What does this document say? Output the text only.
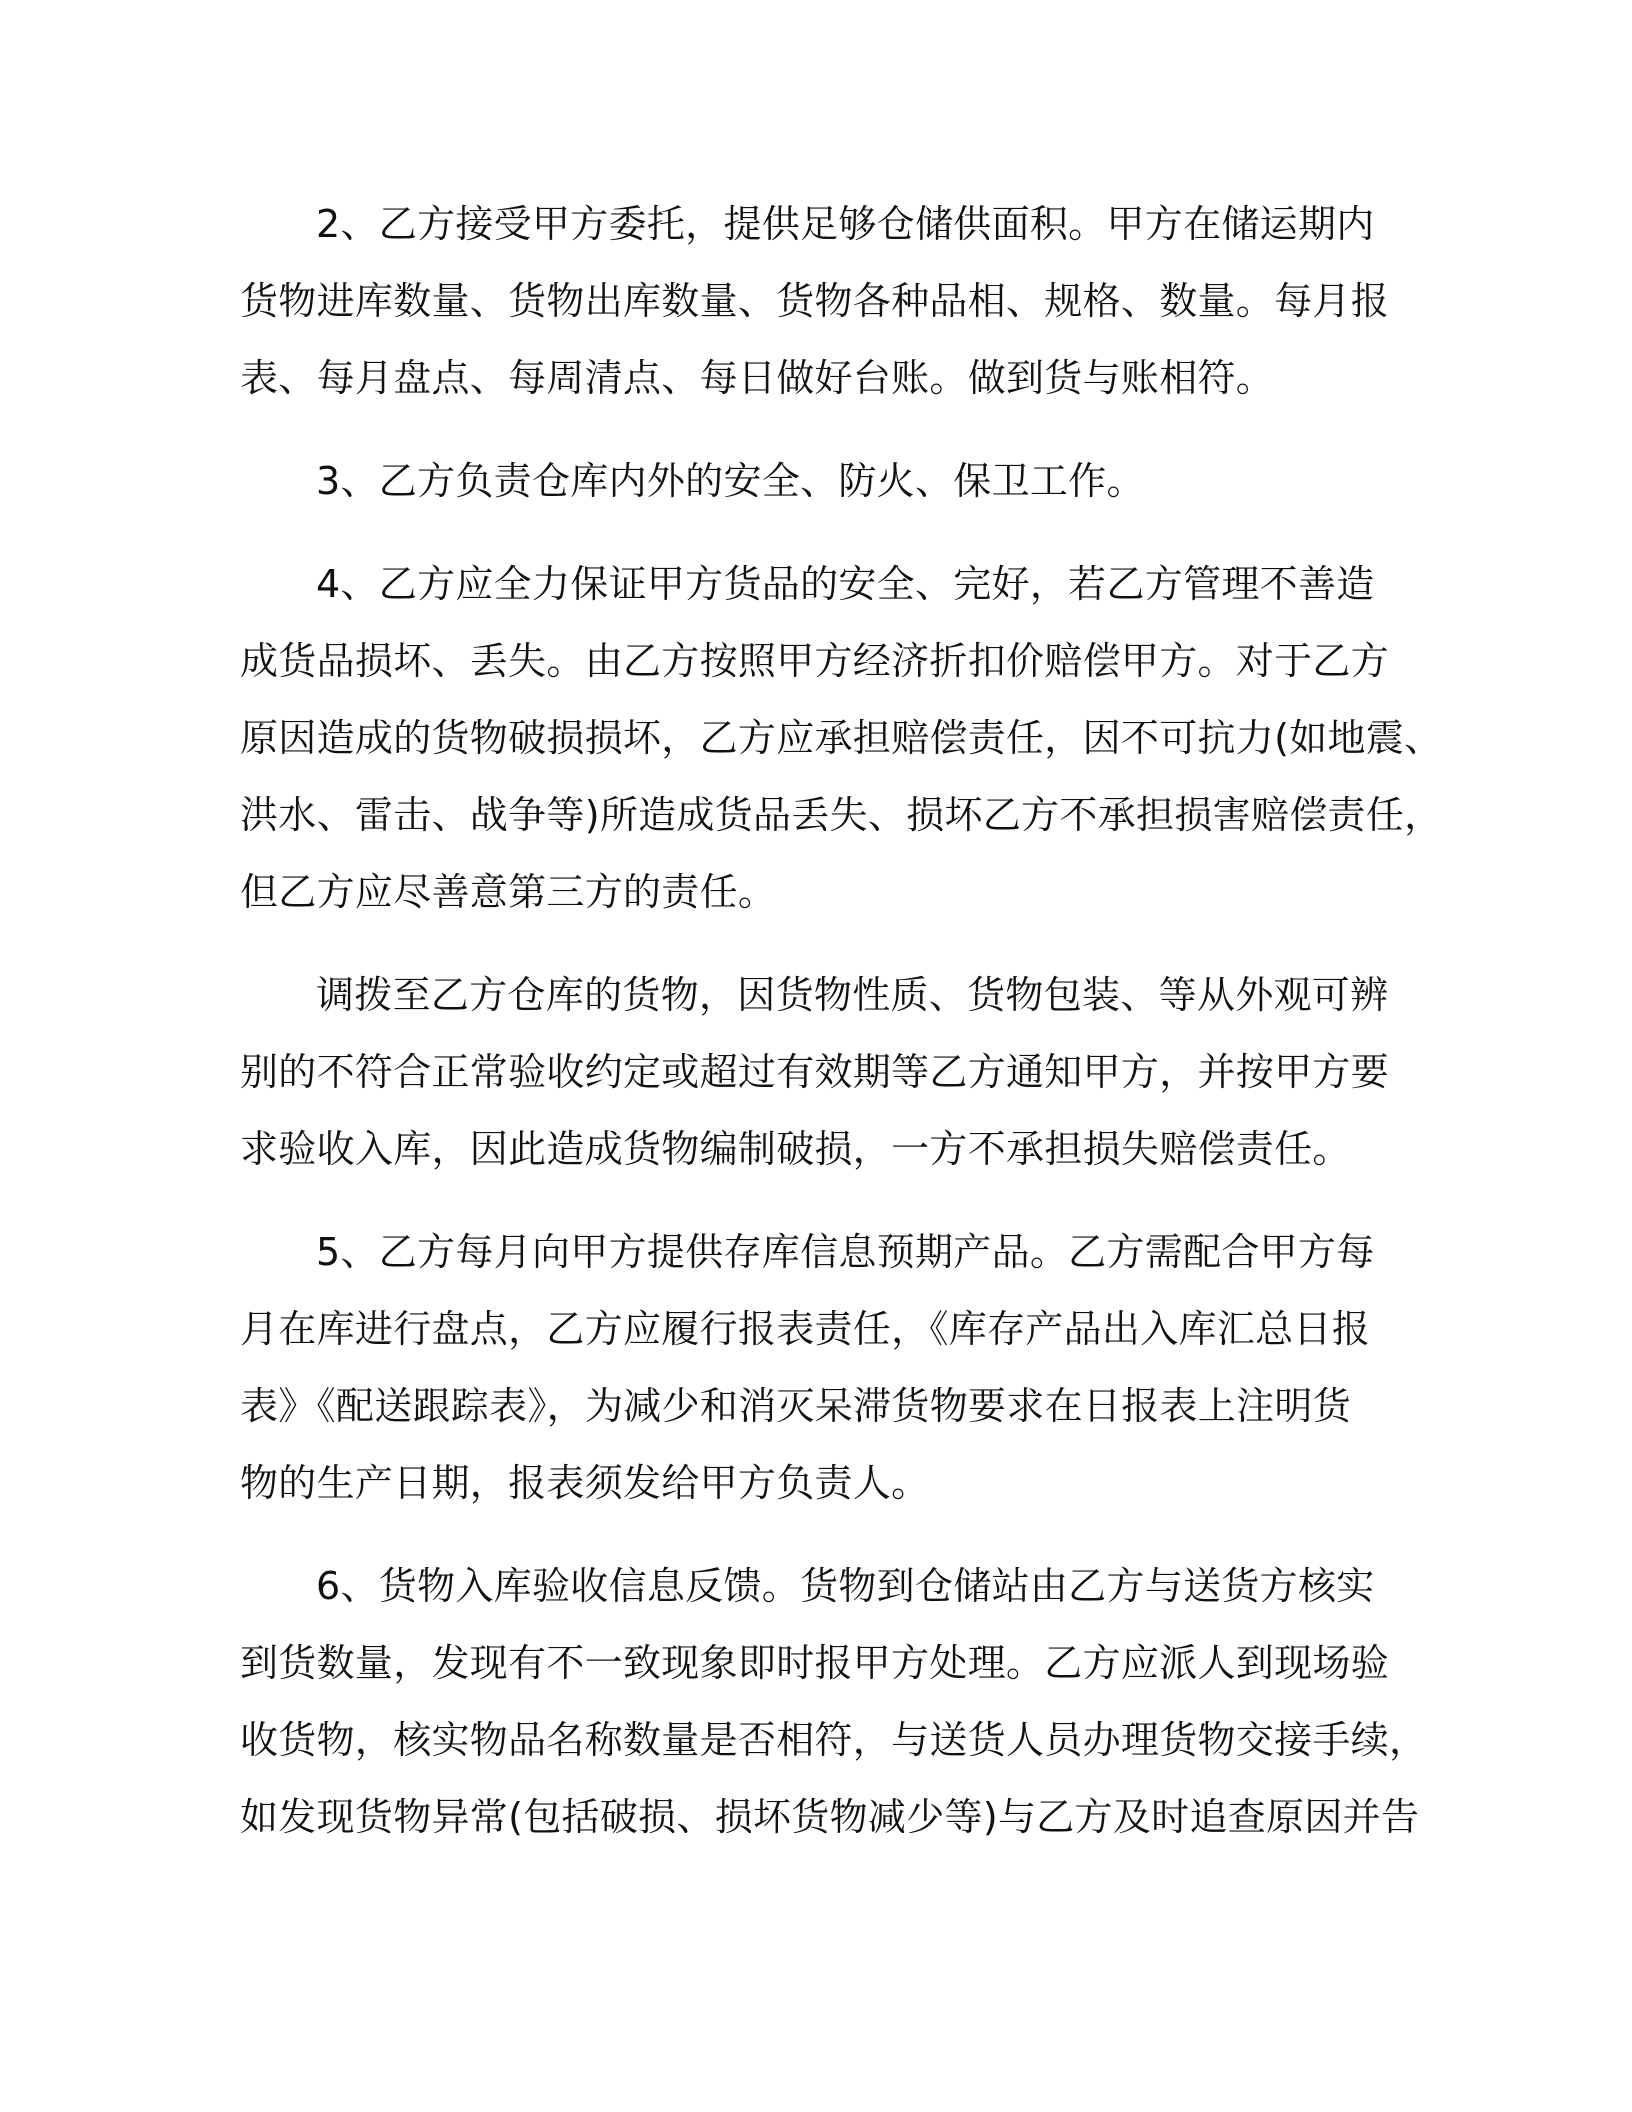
2、乙方接受甲方委托，提供足够仓储供面积。甲方在储运期内
货物进库数量、货物出库数量、货物各种品相、规格、数量。每月报
表、每月盘点、每周清点、每日做好台账。做到货与账相符。
3、乙方负责仓库内外的安全、防火、保卫工作。
4、乙方应全力保证甲方货品的安全、完好，若乙方管理不善造
成货品损坏、丢失。由乙方按照甲方经济折扣价赔偿甲方。对于乙方
原因造成的货物破损损坏，乙方应承担赔偿责任，因不可抗力(如地震、
洪水、雷击、战争等)所造成货品丢失、损坏乙方不承担损害赔偿责任，
但乙方应尽善意第三方的责任。
调拨至乙方仓库的货物，因货物性质、货物包装、等从外观可辨
别的不符合正常验收约定或超过有效期等乙方通知甲方，并按甲方要
求验收入库，因此造成货物编制破损，一方不承担损失赔偿责任。
5、乙方每月向甲方提供存库信息预期产品。乙方需配合甲方每
月在库进行盘点，乙方应履行报表责任，《库存产品出入库汇总日报
表》《配送跟踪表》，为减少和消灭呆滞货物要求在日报表上注明货
物的生产日期，报表须发给甲方负责人。
6、货物入库验收信息反馈。货物到仓储站由乙方与送货方核实
到货数量，发现有不一致现象即时报甲方处理。乙方应派人到现场验
收货物，核实物品名称数量是否相符，与送货人员办理货物交接手续，
如发现货物异常(包括破损、损坏货物减少等)与乙方及时追查原因并告
